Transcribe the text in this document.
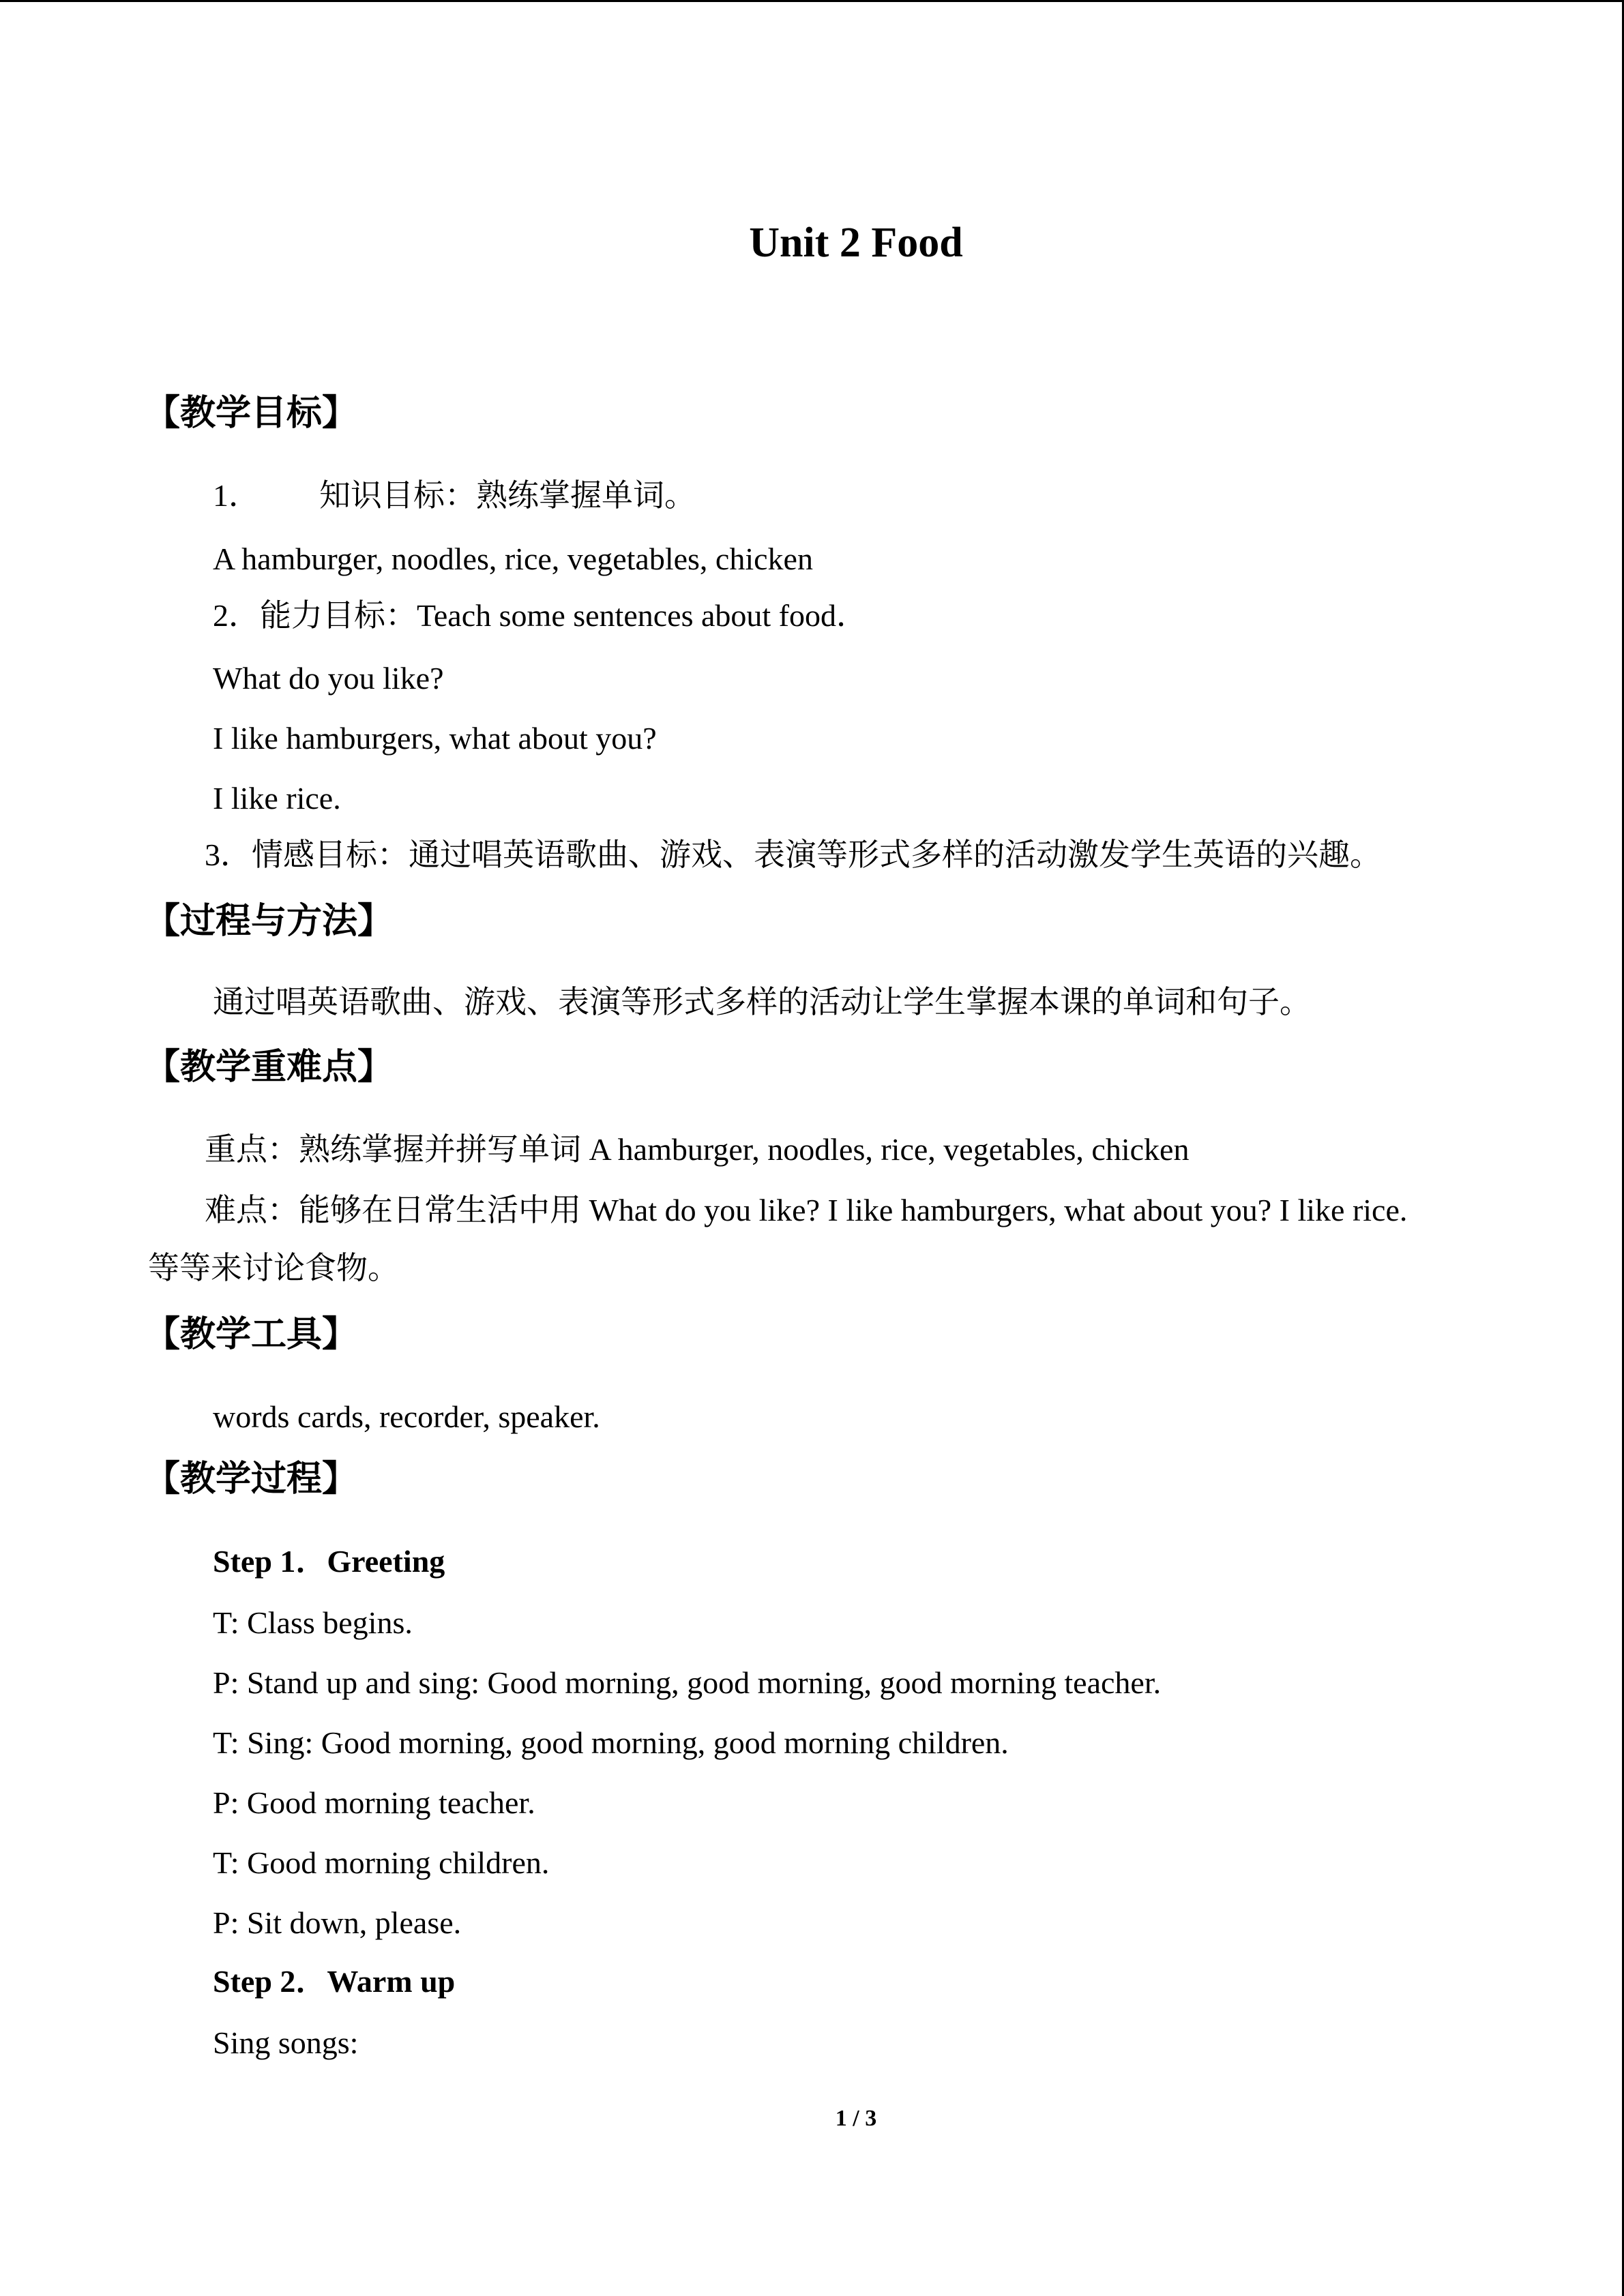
Unit 2 Food
【教学目标】
1． 知识目标：熟练掌握单词。
A hamburger, noodles, rice, vegetables, chicken
2．能力目标：Teach some sentences about food．
What do you like?
I like hamburgers, what about you?
I like rice.
3．情感目标：通过唱英语歌曲、游戏、表演等形式多样的活动激发学生英语的兴趣。
【过程与方法】
通过唱英语歌曲、游戏、表演等形式多样的活动让学生掌握本课的单词和句子。
【教学重难点】
重点：熟练掌握并拼写单词 A hamburger, noodles, rice, vegetables, chicken
难点：能够在日常生活中用 What do you like? I like hamburgers, what about you? I like rice.
等等来讨论食物。
【教学工具】
words cards, recorder, speaker.
【教学过程】
Step 1．Greeting
T: Class begins.
P: Stand up and sing: Good morning, good morning, good morning teacher.
T: Sing: Good morning, good morning, good morning children.
P: Good morning teacher.
T: Good morning children.
P: Sit down, please.
Step 2．Warm up
Sing songs:
1 / 3
